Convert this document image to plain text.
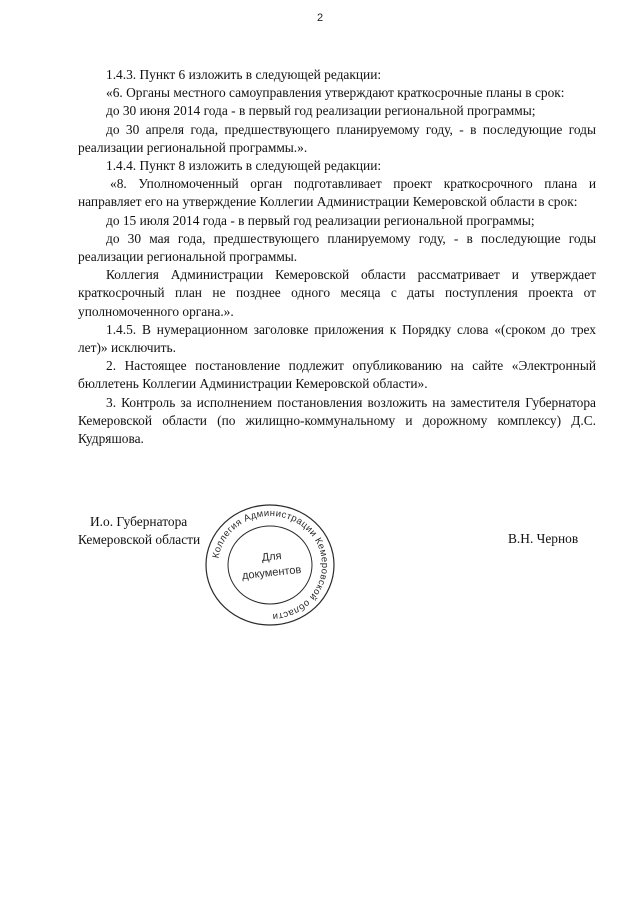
2

1.4.3. Пункт 6 изложить в следующей редакции:

«6. Органы местного самоуправления утверждают краткосрочные планы в срок:

до 30 июня 2014 года - в первый год реализации региональной программы;

до 30 апреля года, предшествующего планируемому году, - в последующие годы реализации региональной программы.».

1.4.4. Пункт 8 изложить в следующей редакции:

«8. Уполномоченный орган подготавливает проект краткосрочного плана и направляет его на утверждение Коллегии Администрации Кемеровской области в срок:

до 15 июля 2014 года - в первый год реализации региональной программы;

до 30 мая года, предшествующего планируемому году, - в последующие годы реализации региональной программы.

Коллегия Администрации Кемеровской области рассматривает и утверждает краткосрочный план не позднее одного месяца с даты поступления проекта от уполномоченного органа.».

1.4.5. В нумерационном заголовке приложения к Порядку слова «(сроком до трех лет)» исключить.

2. Настоящее постановление подлежит опубликованию на сайте «Электронный бюллетень Коллегии Администрации Кемеровской области».

3. Контроль за исполнением постановления возложить на заместителя Губернатора Кемеровской области (по жилищно-коммунальному и дорожному комплексу) Д.С. Кудряшова.

И.о. Губернатора
Кемеровской области	В.Н. Чернов
Коллегия Администрации Кемеровской области
Для
документов
